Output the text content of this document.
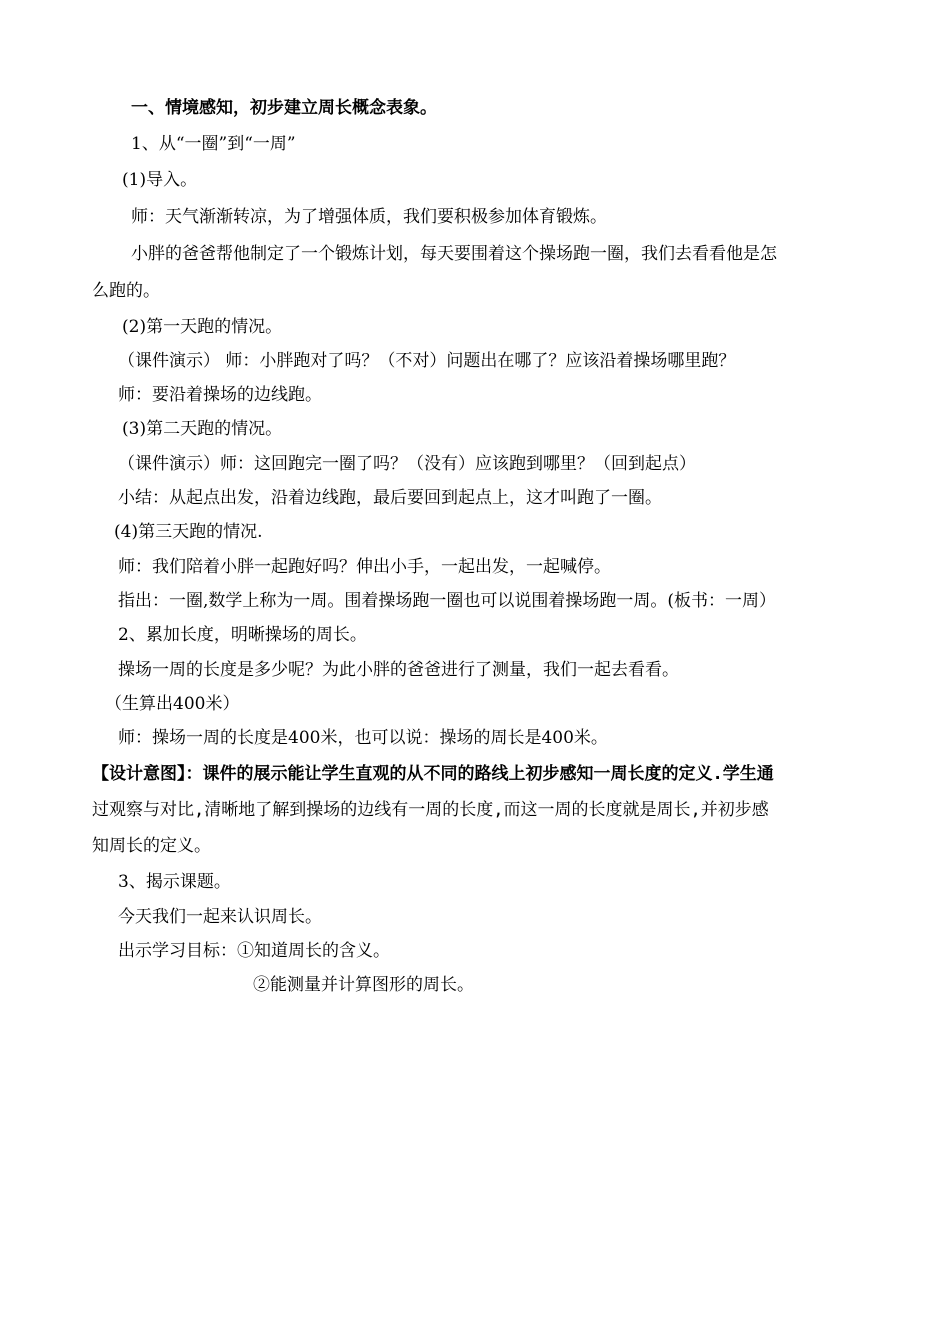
一、情境感知，初步建立周长概念表象。
1、从“一圈”到“一周”
(1)导入。
师：天气渐渐转凉，为了增强体质，我们要积极参加体育锻炼。
小胖的爸爸帮他制定了一个锻炼计划，每天要围着这个操场跑一圈，我们去看看他是怎
么跑的。
(2)第一天跑的情况。
（课件演示） 师：小胖跑对了吗？（不对）问题出在哪了？应该沿着操场哪里跑？
师：要沿着操场的边线跑。
(3)第二天跑的情况。
（课件演示）师：这回跑完一圈了吗？（没有）应该跑到哪里？（回到起点）
小结：从起点出发，沿着边线跑，最后要回到起点上，这才叫跑了一圈。
(4)第三天跑的情况.
师：我们陪着小胖一起跑好吗？伸出小手，一起出发，一起喊停。
指出：一圈,数学上称为一周。围着操场跑一圈也可以说围着操场跑一周。(板书：一周）
2、累加长度，明晰操场的周长。
操场一周的长度是多少呢？为此小胖的爸爸进行了测量，我们一起去看看。
（生算出400米）
师：操场一周的长度是400米，也可以说：操场的周长是400米。
【设计意图】：课件的展示能让学生直观的从不同的路线上初步感知一周长度的定义.学生通
过观察与对比,清晰地了解到操场的边线有一周的长度,而这一周的长度就是周长,并初步感
知周长的定义。
3、揭示课题。
今天我们一起来认识周长。
出示学习目标：①知道周长的含义。
②能测量并计算图形的周长。
